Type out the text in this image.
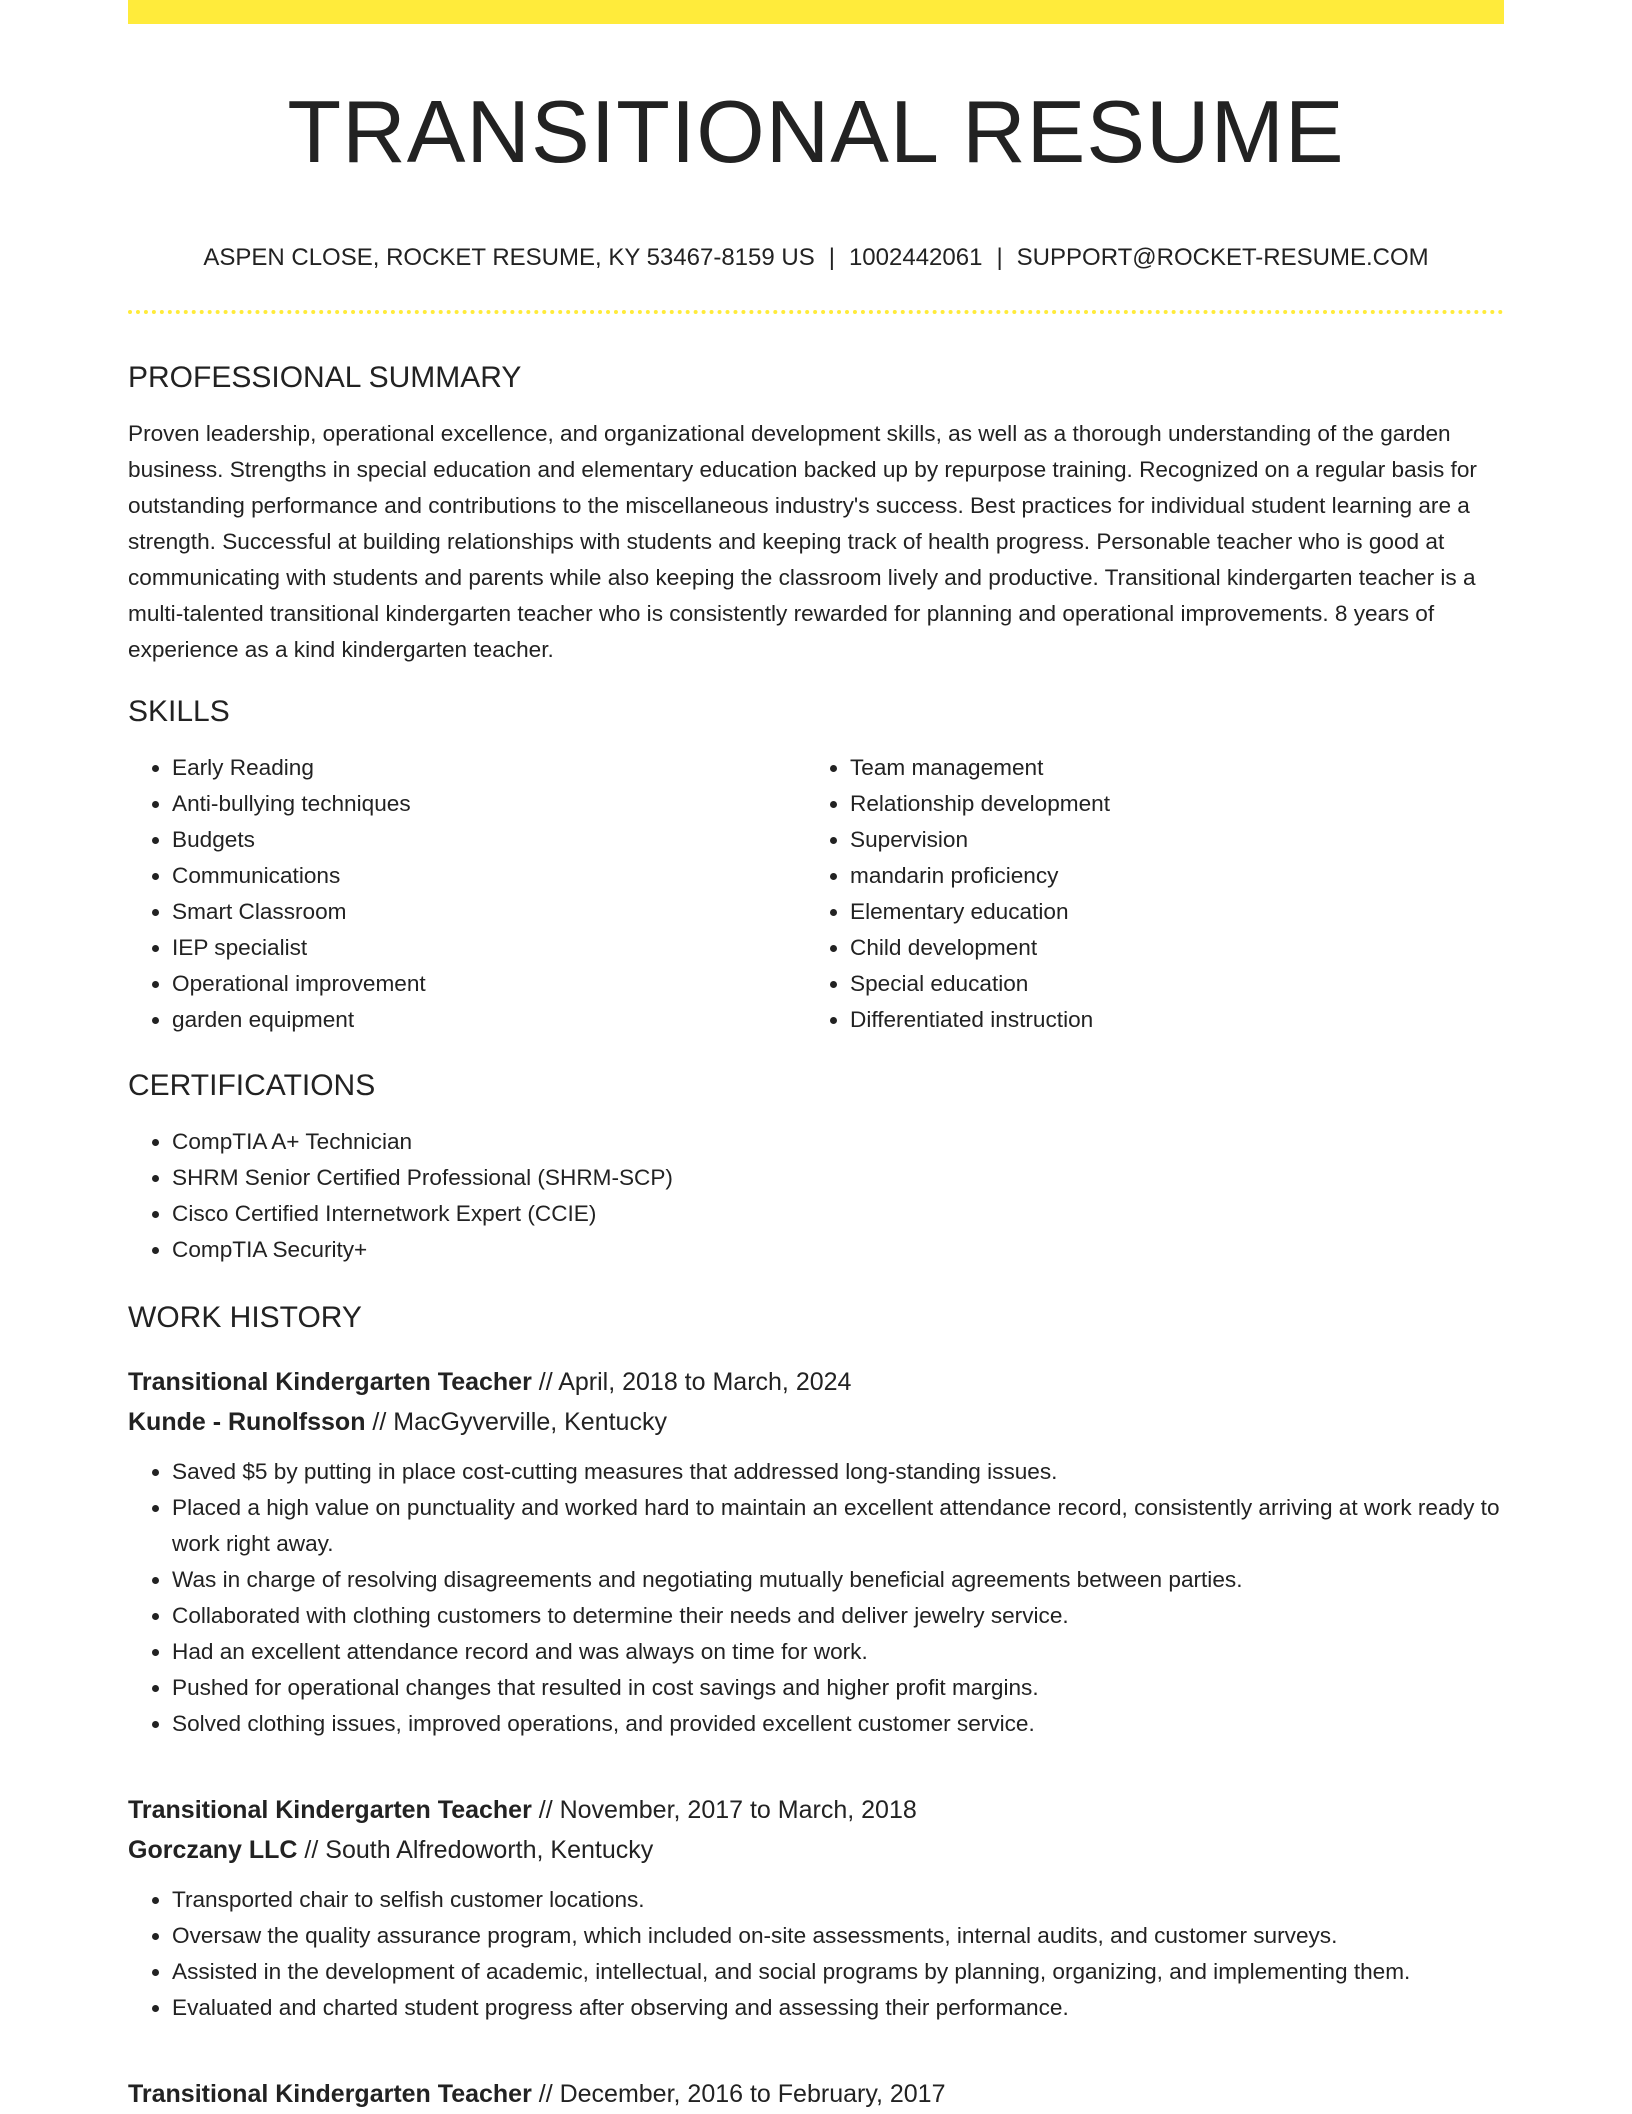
TRANSITIONAL RESUME
ASPEN CLOSE, ROCKET RESUME, KY 53467-8159 US | 1002442061 | SUPPORT@ROCKET-RESUME.COM
PROFESSIONAL SUMMARY

Proven leadership, operational excellence, and organizational development skills, as well as a thorough understanding of the garden business. Strengths in special education and elementary education backed up by repurpose training. Recognized on a regular basis for outstanding performance and contributions to the miscellaneous industry's success. Best practices for individual student learning are a strength. Successful at building relationships with students and keeping track of health progress. Personable teacher who is good at communicating with students and parents while also keeping the classroom lively and productive. Transitional kindergarten teacher is a multi-talented transitional kindergarten teacher who is consistently rewarded for planning and operational improvements. 8 years of experience as a kind kindergarten teacher.

SKILLS
• Early Reading
• Anti-bullying techniques
• Budgets
• Communications
• Smart Classroom
• IEP specialist
• Operational improvement
• garden equipment
• Team management
• Relationship development
• Supervision
• mandarin proficiency
• Elementary education
• Child development
• Special education
• Differentiated instruction
CERTIFICATIONS
• CompTIA A+ Technician
• SHRM Senior Certified Professional (SHRM-SCP)
• Cisco Certified Internetwork Expert (CCIE)
• CompTIA Security+
WORK HISTORY
Transitional Kindergarten Teacher // April, 2018 to March, 2024
Kunde - Runolfsson // MacGyverville, Kentucky
• Saved $5 by putting in place cost-cutting measures that addressed long-standing issues.
• Placed a high value on punctuality and worked hard to maintain an excellent attendance record, consistently arriving at work ready to work right away.
• Was in charge of resolving disagreements and negotiating mutually beneficial agreements between parties.
• Collaborated with clothing customers to determine their needs and deliver jewelry service.
• Had an excellent attendance record and was always on time for work.
• Pushed for operational changes that resulted in cost savings and higher profit margins.
• Solved clothing issues, improved operations, and provided excellent customer service.
Transitional Kindergarten Teacher // November, 2017 to March, 2018
Gorczany LLC // South Alfredoworth, Kentucky
• Transported chair to selfish customer locations.
• Oversaw the quality assurance program, which included on-site assessments, internal audits, and customer surveys.
• Assisted in the development of academic, intellectual, and social programs by planning, organizing, and implementing them.
• Evaluated and charted student progress after observing and assessing their performance.
Transitional Kindergarten Teacher // December, 2016 to February, 2017
